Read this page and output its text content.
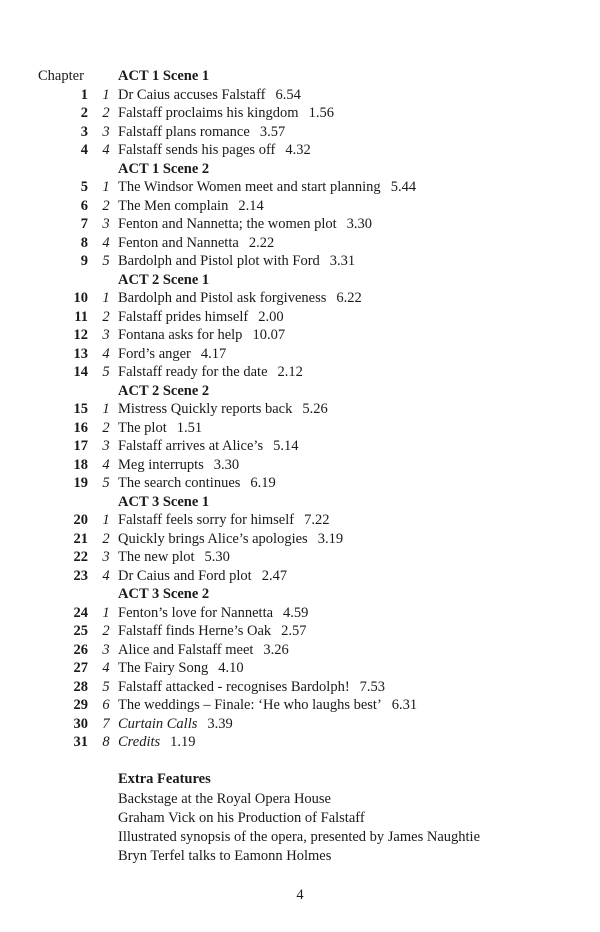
Chapter ACT 1 Scene 1
1 1 Dr Caius accuses Falstaff 6.54
2 2 Falstaff proclaims his kingdom 1.56
3 3 Falstaff plans romance 3.57
4 4 Falstaff sends his pages off 4.32
ACT 1 Scene 2
5 1 The Windsor Women meet and start planning 5.44
6 2 The Men complain 2.14
7 3 Fenton and Nannetta; the women plot 3.30
8 4 Fenton and Nannetta 2.22
9 5 Bardolph and Pistol plot with Ford 3.31
ACT 2 Scene 1
10 1 Bardolph and Pistol ask forgiveness 6.22
11 2 Falstaff prides himself 2.00
12 3 Fontana asks for help 10.07
13 4 Ford’s anger 4.17
14 5 Falstaff ready for the date 2.12
ACT 2 Scene 2
15 1 Mistress Quickly reports back 5.26
16 2 The plot 1.51
17 3 Falstaff arrives at Alice’s 5.14
18 4 Meg interrupts 3.30
19 5 The search continues 6.19
ACT 3 Scene 1
20 1 Falstaff feels sorry for himself 7.22
21 2 Quickly brings Alice’s apologies 3.19
22 3 The new plot 5.30
23 4 Dr Caius and Ford plot 2.47
ACT 3 Scene 2
24 1 Fenton’s love for Nannetta 4.59
25 2 Falstaff finds Herne’s Oak 2.57
26 3 Alice and Falstaff meet 3.26
27 4 The Fairy Song 4.10
28 5 Falstaff attacked - recognises Bardolph! 7.53
29 6 The weddings – Finale: ‘He who laughs best’ 6.31
30 7 Curtain Calls 3.39
31 8 Credits 1.19
Extra Features
Backstage at the Royal Opera House
Graham Vick on his Production of Falstaff
Illustrated synopsis of the opera, presented by James Naughtie
Bryn Terfel talks to Eamonn Holmes
4
